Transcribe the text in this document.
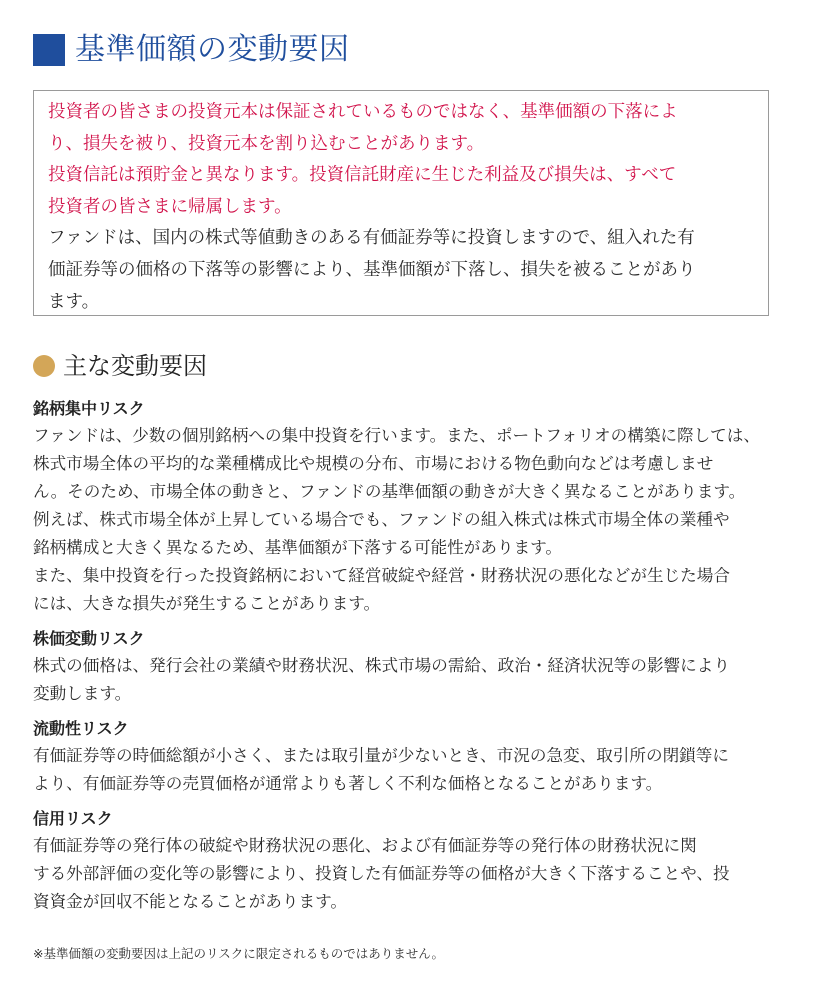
基準価額の変動要因

投資者の皆さまの投資元本は保証されているものではなく、基準価額の下落によ

り、損失を被り、投資元本を割り込むことがあります。

投資信託は預貯金と異なります。投資信託財産に生じた利益及び損失は、すべて

投資者の皆さまに帰属します。

ファンドは、国内の株式等値動きのある有価証券等に投資しますので、組入れた有

価証券等の価格の下落等の影響により、基準価額が下落し、損失を被ることがあり

ます。

主な変動要因
銘柄集中リスク
ファンドは、少数の個別銘柄への集中投資を行います。また、ポートフォリオの構築に際しては、
株式市場全体の平均的な業種構成比や規模の分布、市場における物色動向などは考慮しませ
ん。そのため、市場全体の動きと、ファンドの基準価額の動きが大きく異なることがあります。
例えば、株式市場全体が上昇している場合でも、ファンドの組入株式は株式市場全体の業種や
銘柄構成と大きく異なるため、基準価額が下落する可能性があります。
また、集中投資を行った投資銘柄において経営破綻や経営・財務状況の悪化などが生じた場合
には、大きな損失が発生することがあります。
株価変動リスク
株式の価格は、発行会社の業績や財務状況、株式市場の需給、政治・経済状況等の影響により
変動します。
流動性リスク
有価証券等の時価総額が小さく、または取引量が少ないとき、市況の急変、取引所の閉鎖等に
より、有価証券等の売買価格が通常よりも著しく不利な価格となることがあります。
信用リスク
有価証券等の発行体の破綻や財務状況の悪化、および有価証券等の発行体の財務状況に関
する外部評価の変化等の影響により、投資した有価証券等の価格が大きく下落することや、投
資資金が回収不能となることがあります。
※基準価額の変動要因は上記のリスクに限定されるものではありません。
